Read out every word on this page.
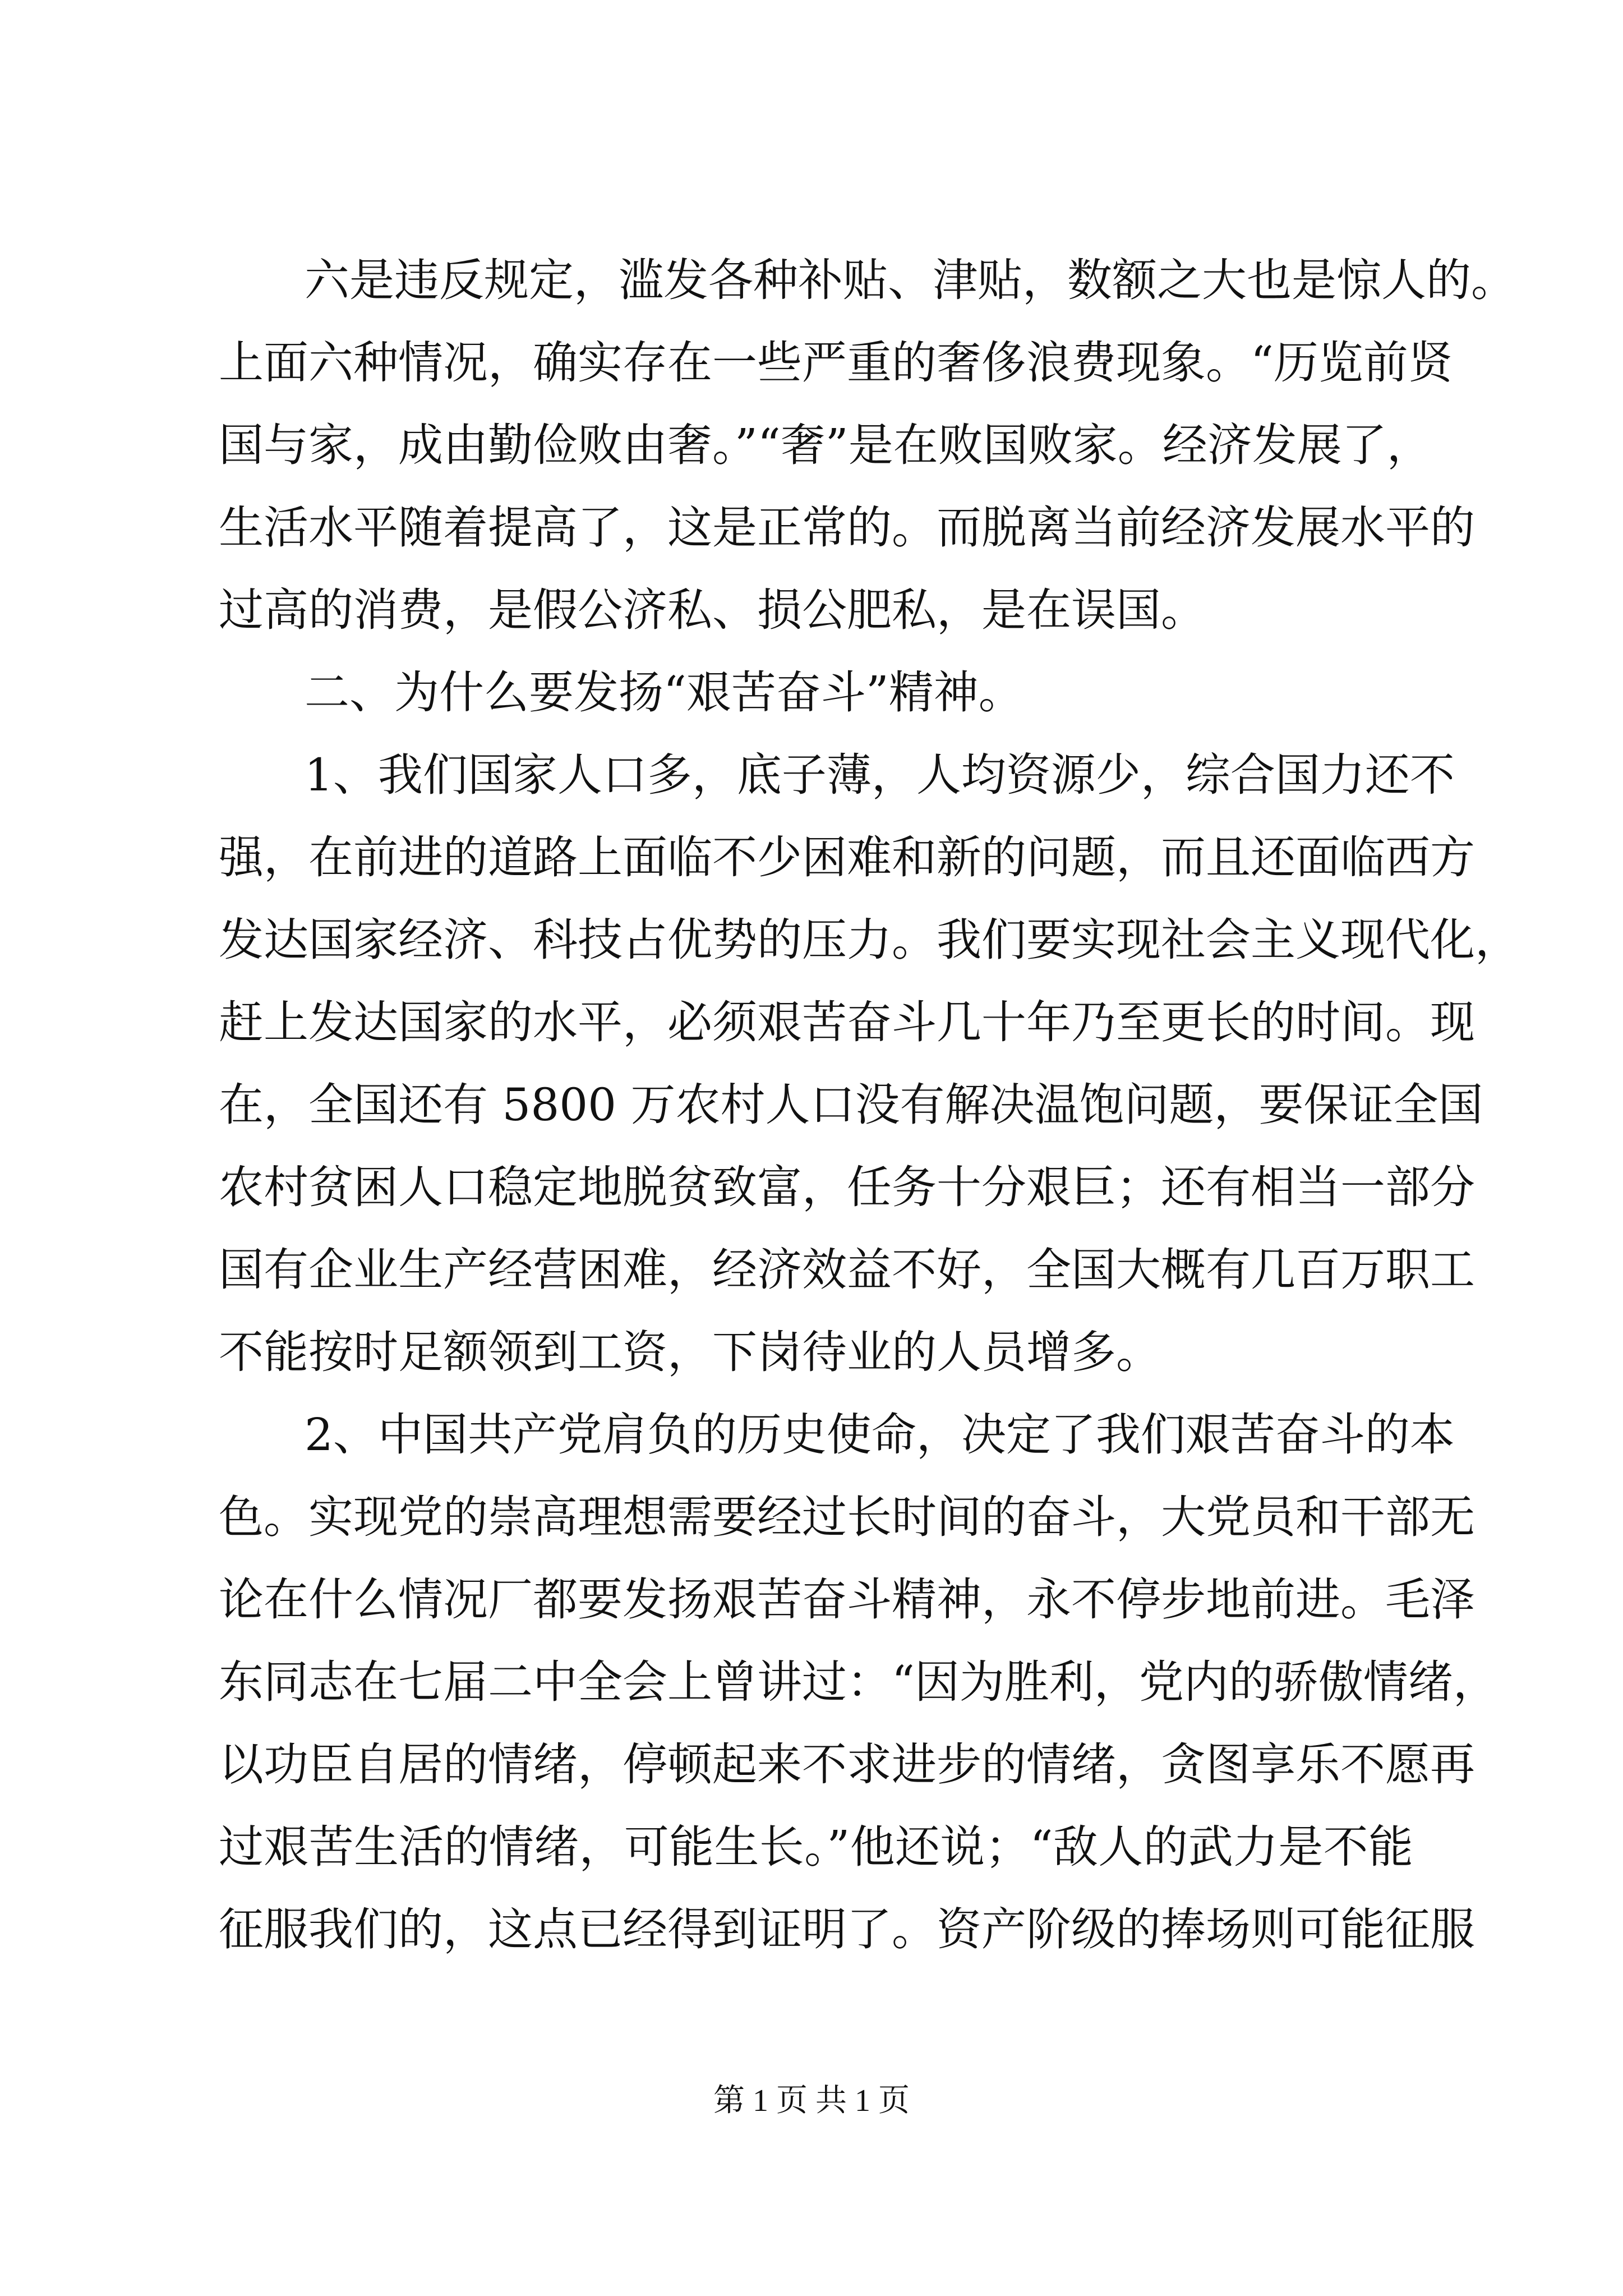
六是违反规定，滥发各种补贴、津贴，数额之大也是惊人的。
上面六种情况，确实存在一些严重的奢侈浪费现象。“历览前贤
国与家，成由勤俭败由奢。”“奢”是在败国败家。经济发展了，
生活水平随着提高了，这是正常的。而脱离当前经济发展水平的
过高的消费，是假公济私、损公肥私，是在误国。
二、为什么要发扬“艰苦奋斗”精神。
1、我们国家人口多，底子薄，人均资源少，综合国力还不
强，在前进的道路上面临不少困难和新的问题，而且还面临西方
发达国家经济、科技占优势的压力。我们要实现社会主义现代化，
赶上发达国家的水平，必须艰苦奋斗几十年乃至更长的时间。现
在，全国还有 5800 万农村人口没有解决温饱问题，要保证全国
农村贫困人口稳定地脱贫致富，任务十分艰巨；还有相当一部分
国有企业生产经营困难，经济效益不好，全国大概有几百万职工
不能按时足额领到工资，下岗待业的人员增多。
2、中国共产党肩负的历史使命，决定了我们艰苦奋斗的本
色。实现党的崇高理想需要经过长时间的奋斗，大党员和干部无
论在什么情况厂都要发扬艰苦奋斗精神，永不停步地前进。毛泽
东同志在七届二中全会上曾讲过：“因为胜利，党内的骄傲情绪，
以功臣自居的情绪，停顿起来不求进步的情绪，贪图享乐不愿再
过艰苦生活的情绪，可能生长。”他还说；“敌人的武力是不能
征服我们的，这点已经得到证明了。资产阶级的捧场则可能征服
第 1 页 共 1 页
